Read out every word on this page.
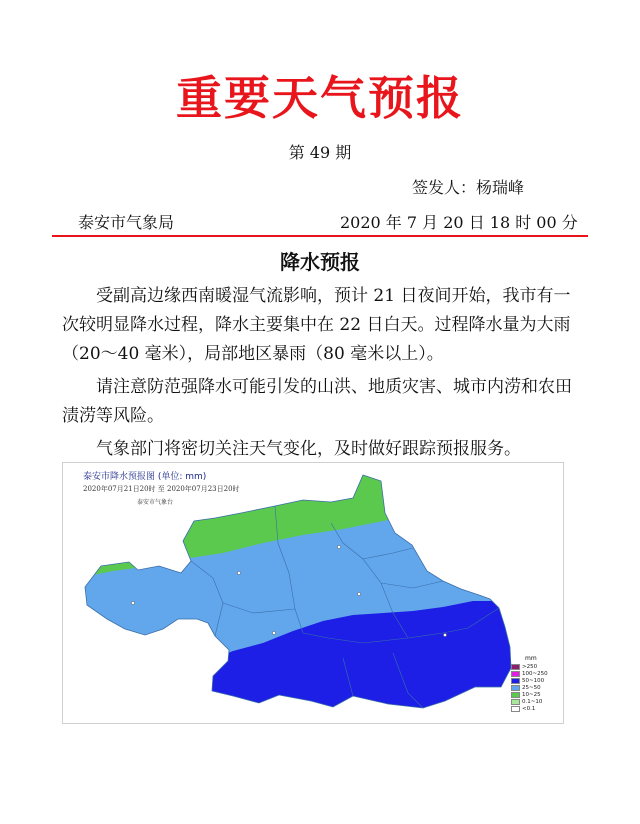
重要天气预报
第 49 期
签发人：杨瑞峰
泰安市气象局	2020 年 7 月 20 日 18 时 00 分
降水预报

受副高边缘西南暖湿气流影响，预计 21 日夜间开始，我市有一次较明显降水过程，降水主要集中在 22 日白天。过程降水量为大雨（20～40 毫米），局部地区暴雨（80 毫米以上）。

请注意防范强降水可能引发的山洪、地质灾害、城市内涝和农田渍涝等风险。

气象部门将密切关注天气变化，及时做好跟踪预报服务。

泰安市降水预报图 (单位: mm)
2020年07月21日20时 至 2020年07月23日20时
泰安市气象台
mm
>250
100~250
50~100
25~50
10~25
0.1~10
<0.1
